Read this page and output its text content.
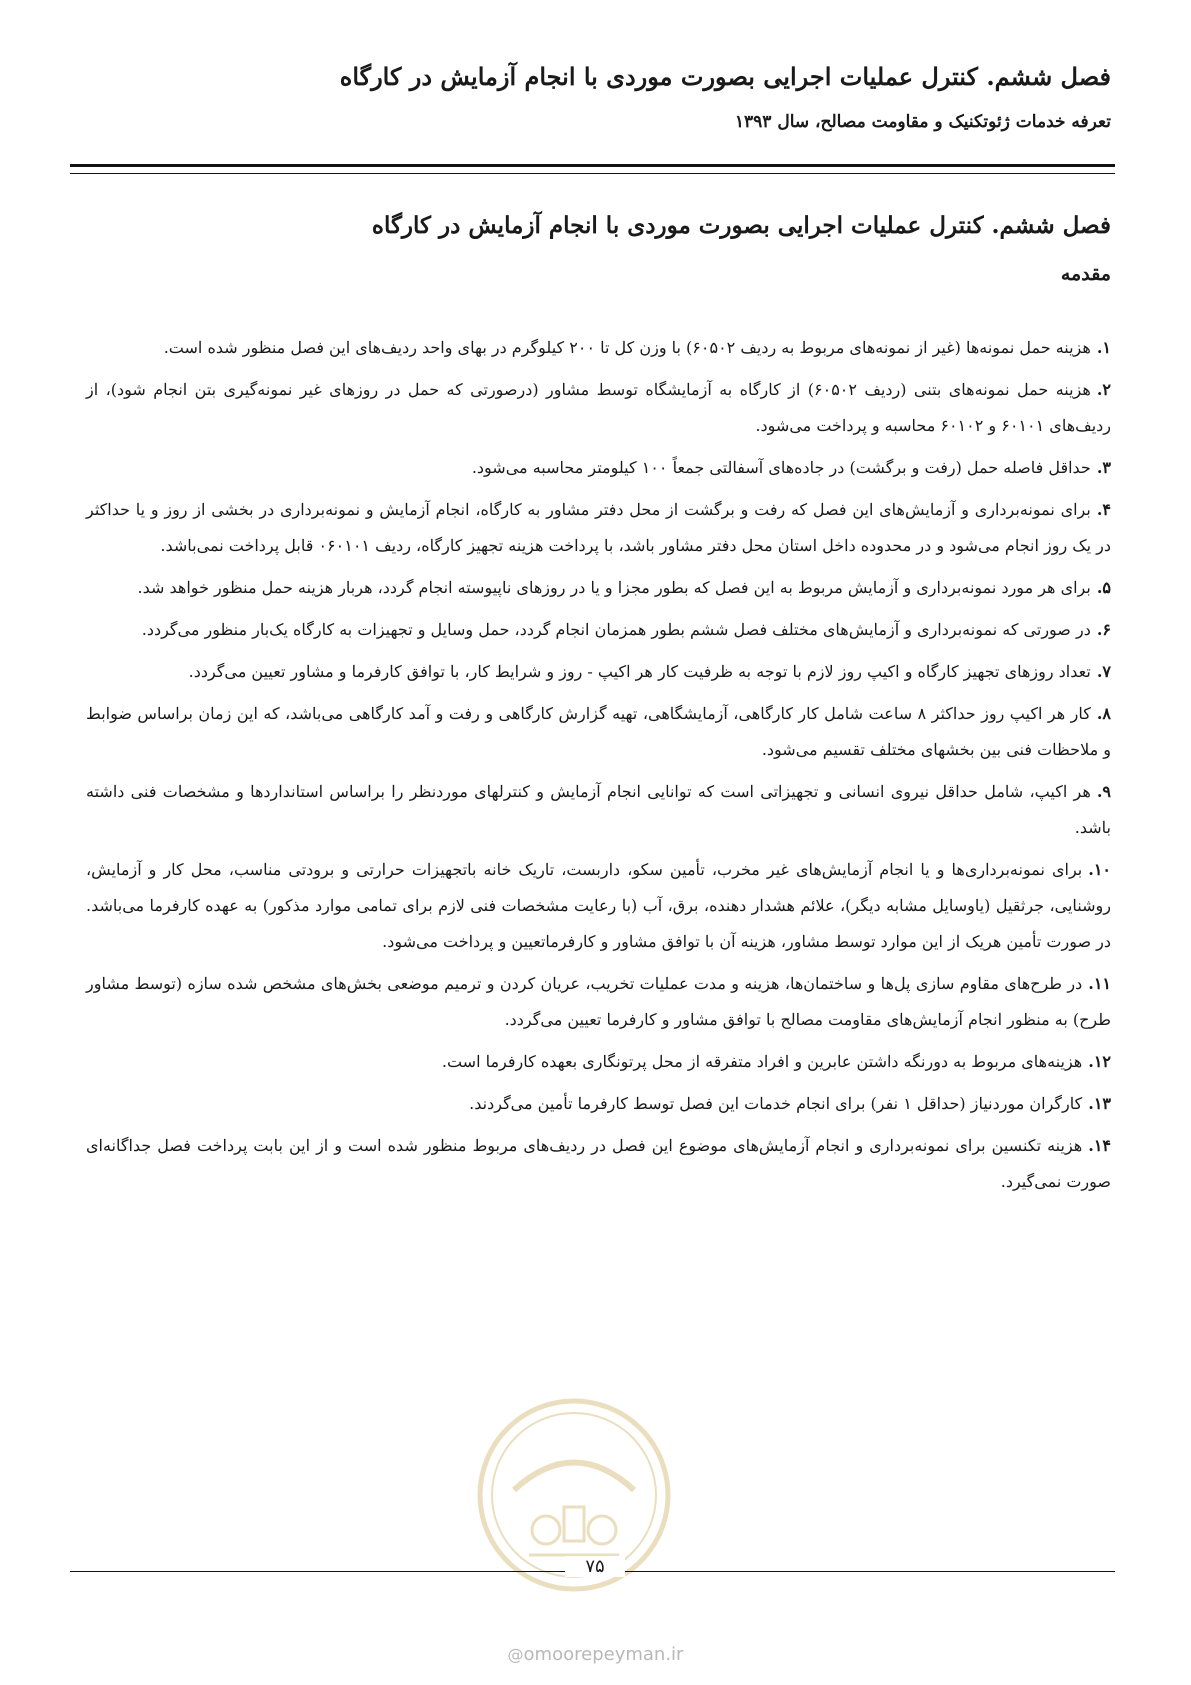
فصل ششم. کنترل عملیات اجرایی بصورت موردی با انجام آزمایش در کارگاه
تعرفه خدمات ژئوتکنیک و مقاومت مصالح، سال ۱۳۹۳
فصل ششم. کنترل عملیات اجرایی بصورت موردی با انجام آزمایش در کارگاه
مقدمه

۱.هزینه حمل نمونه‌ها (غیر از نمونه‌های مربوط به ردیف ۶۰۵۰۲) با وزن کل تا ۲۰۰ کیلوگرم در بهای واحد ردیف‌های این فصل منظور شده است.

۲.هزینه حمل نمونه‌های بتنی (ردیف ۶۰۵۰۲) از کارگاه به آزمایشگاه توسط مشاور (درصورتی که حمل در روزهای غیر نمونه‌گیری بتن انجام شود)، از ردیف‌های ۶۰۱۰۱ و ۶۰۱۰۲ محاسبه و پرداخت می‌شود.

۳.حداقل فاصله حمل (رفت و برگشت) در جاده‌های آسفالتی جمعاً ۱۰۰ کیلومتر محاسبه می‌شود.

۴.برای نمونه‌برداری و آزمایش‌های این فصل که رفت و برگشت از محل دفتر مشاور به کارگاه، انجام آزمایش و نمونه‌برداری در بخشی از روز و یا حداکثر در یک روز انجام می‌شود و در محدوده داخل استان محل دفتر مشاور باشد، با پرداخت هزینه تجهیز کارگاه، ردیف ۰۶۰۱۰۱ قابل پرداخت نمی‌باشد.

۵.برای هر مورد نمونه‌برداری و آزمایش مربوط به این فصل که بطور مجزا و یا در روزهای ناپیوسته انجام گردد، هربار هزینه حمل منظور خواهد شد.

۶.در صورتی که نمونه‌برداری و آزمایش‌های مختلف فصل ششم بطور همزمان انجام گردد، حمل وسایل و تجهیزات به کارگاه یک‌بار منظور می‌گردد.

۷.تعداد روزهای تجهیز کارگاه و اکیپ روز لازم با توجه به ظرفیت کار هر اکیپ - روز و شرایط کار، با توافق کارفرما و مشاور تعیین می‌گردد.

۸.کار هر اکیپ روز حداکثر ۸ ساعت شامل کار کارگاهی، آزمایشگاهی، تهیه گزارش کارگاهی و رفت و آمد کارگاهی می‌باشد، که این زمان براساس ضوابط و ملاحظات فنی بین بخشهای مختلف تقسیم می‌شود.

۹.هر اکیپ، شامل حداقل نیروی انسانی و تجهیزاتی است که توانایی انجام آزمایش و کنترلهای موردنظر را براساس استانداردها و مشخصات فنی داشته باشد.

۱۰.برای نمونه‌برداری‌ها و یا انجام آزمایش‌های غیر مخرب، تأمین سکو، داربست، تاریک خانه باتجهیزات حرارتی و برودتی مناسب، محل کار و آزمایش، روشنایی، جرثقیل (یاوسایل مشابه دیگر)، علائم هشدار دهنده، برق، آب (با رعایت مشخصات فنی لازم برای تمامی موارد مذکور) به عهده کارفرما می‌باشد. در صورت تأمین هریک از این موارد توسط مشاور، هزینه آن با توافق مشاور و کارفرما‌تعیین و پرداخت می‌شود.

۱۱.در طرح‌های مقاوم سازی پل‌ها و ساختمان‌ها، هزینه و مدت عملیات تخریب، عریان کردن و ترمیم موضعی بخش‌های مشخص شده سازه (توسط مشاور طرح) به منظور انجام آزمایش‌های مقاومت مصالح با توافق مشاور و کارفرما تعیین می‌گردد.

۱۲.هزینه‌های مربوط به دورنگه داشتن عابرین و افراد متفرقه از محل پرتونگاری بعهده کارفرما است.

۱۳.کارگران موردنیاز (حداقل ۱ نفر) برای انجام خدمات این فصل توسط کارفرما تأمین می‌گردند.

۱۴.هزینه تکنسین برای نمونه‌برداری و انجام آزمایش‌های موضوع این فصل در ردیف‌های مربوط منظور شده است و از این بابت پرداخت فصل جداگانه‌ای صورت نمی‌گیرد.

۷۵
@omoorepeyman.ir
